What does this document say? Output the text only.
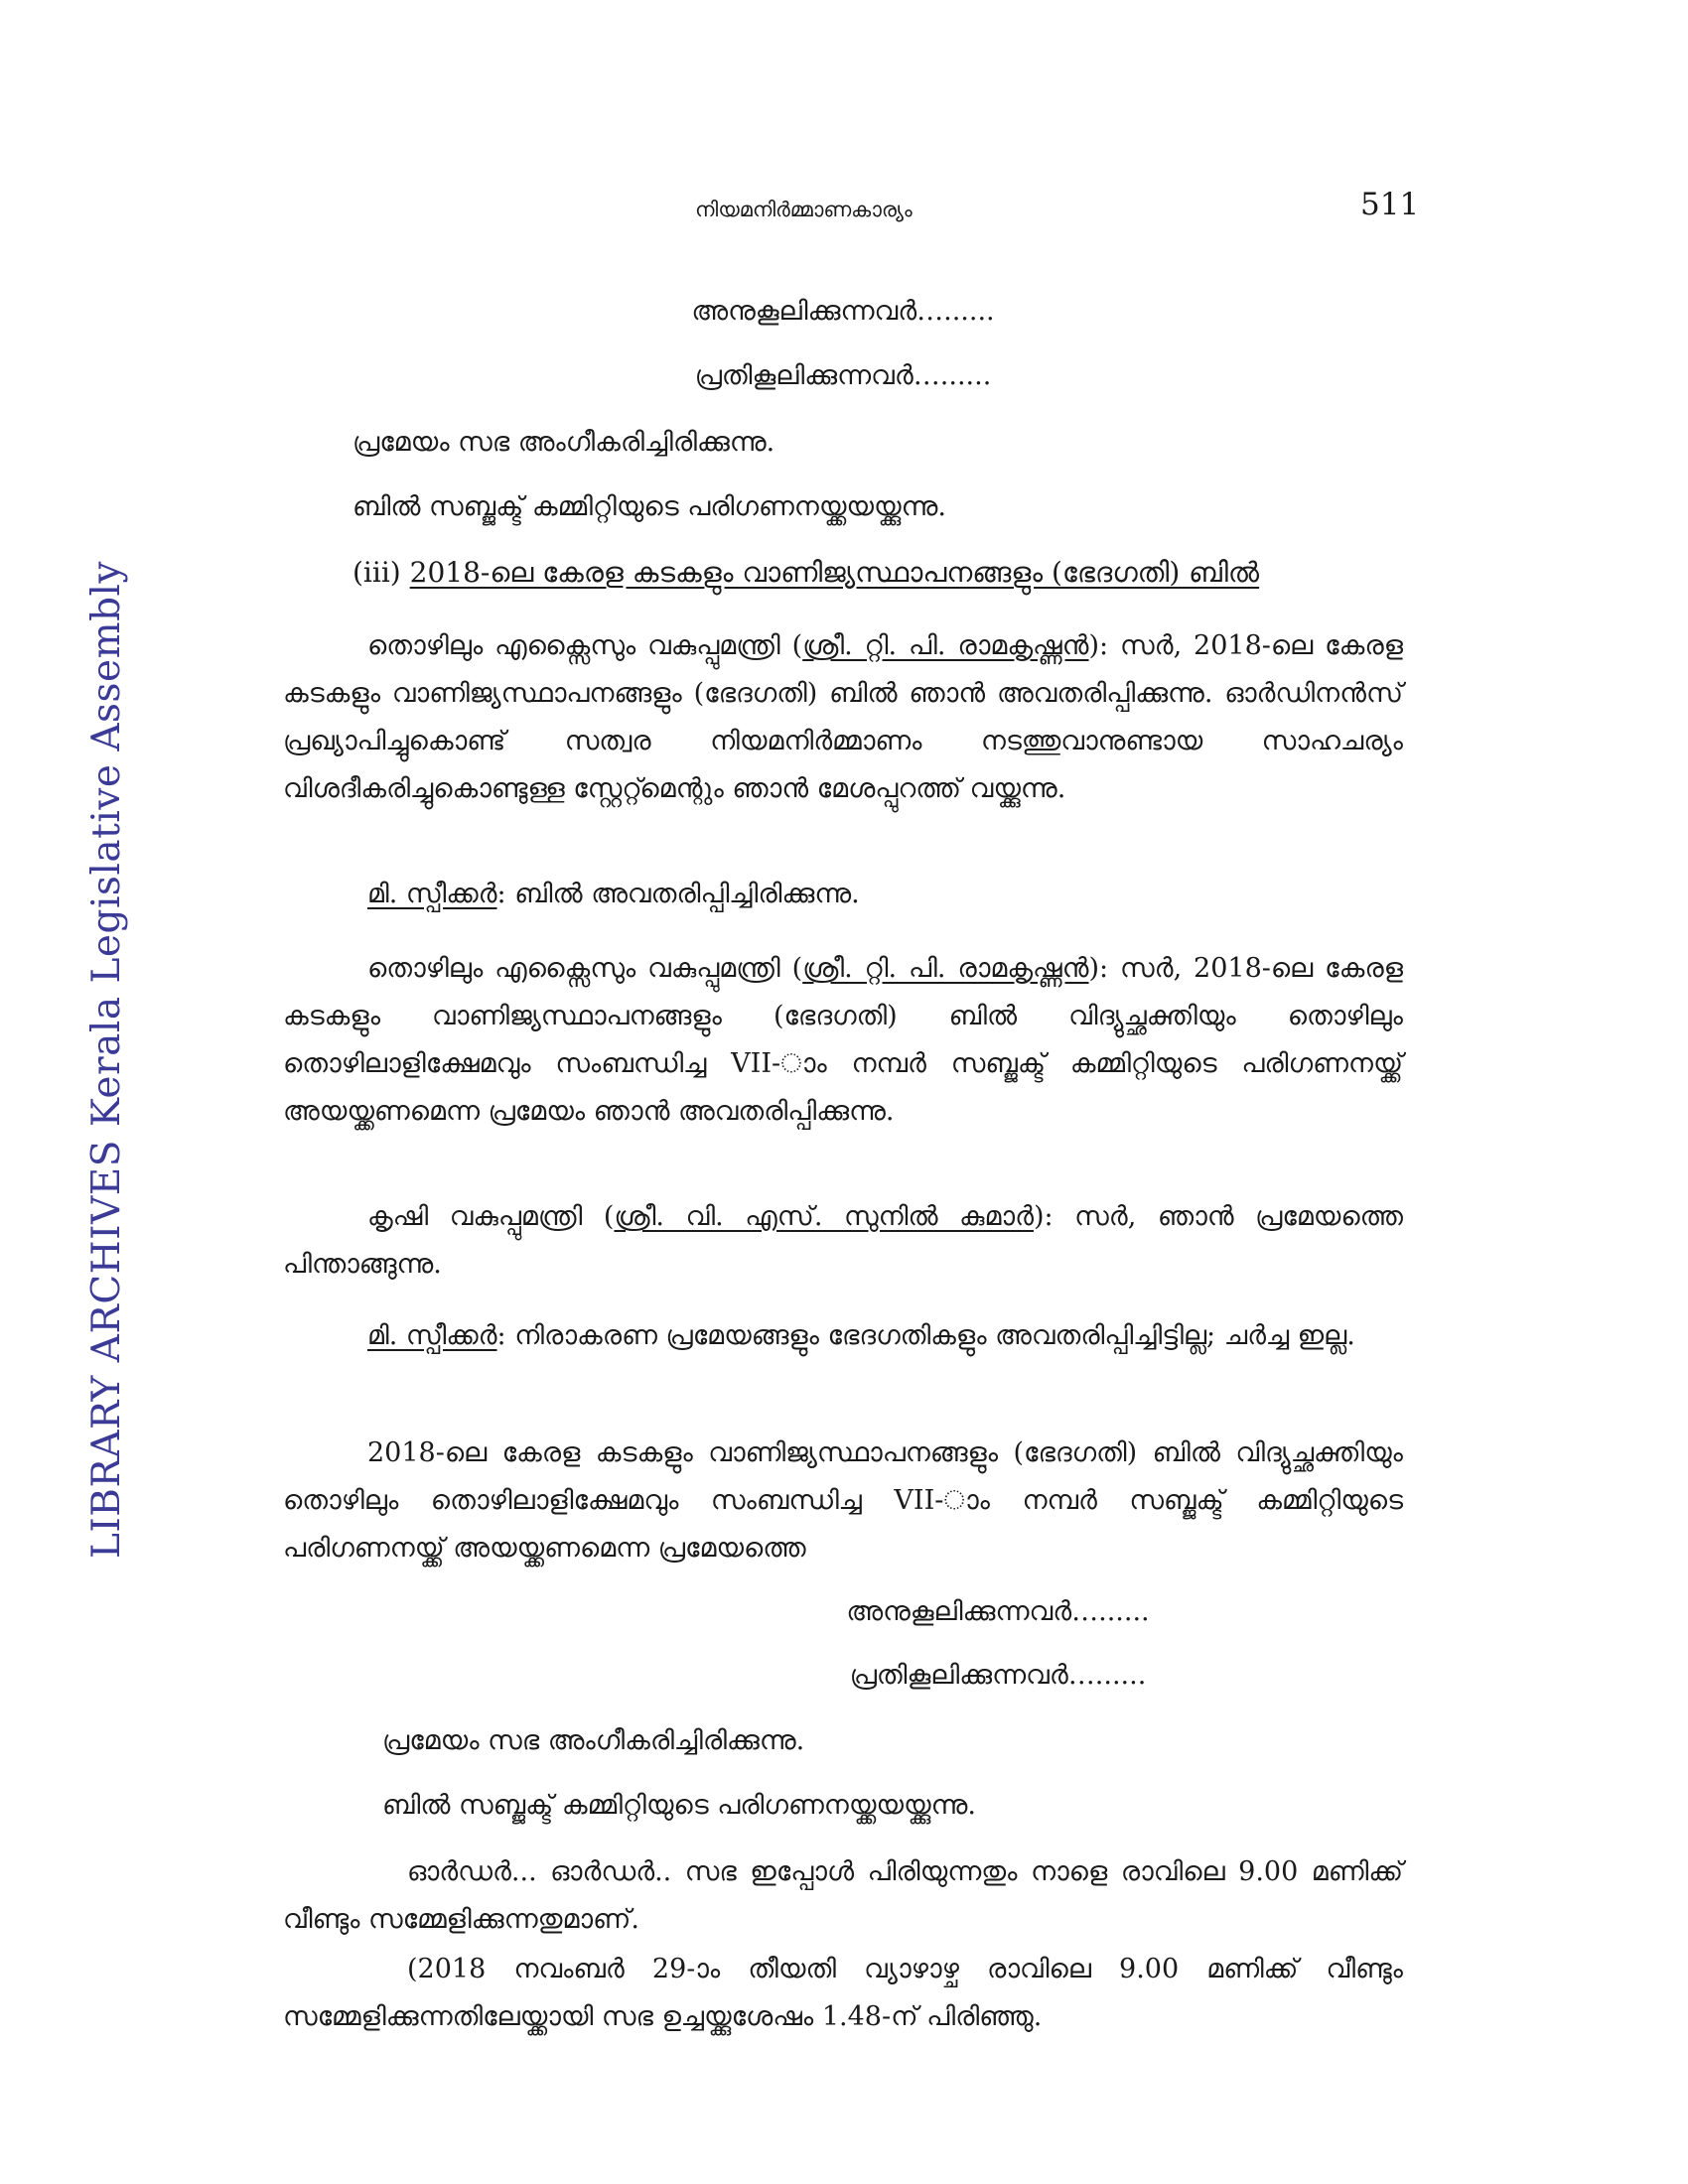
LIBRARY ARCHIVES Kerala Legislative Assembly
നിയമനിർമ്മാണകാര്യം	511
അനുകൂലിക്കുന്നവർ…......
പ്രതികൂലിക്കുന്നവർ…......
പ്രമേയം സഭ അംഗീകരിച്ചിരിക്കുന്നു.
ബിൽ സബ്ജക്ട് കമ്മിറ്റിയുടെ പരിഗണനയ്ക്കയയ്ക്കുന്നു.
(iii) 2018-ലെ കേരള കടകളും വാണിജ്യസ്ഥാപനങ്ങളും (ഭേദഗതി) ബിൽ
തൊഴിലും എക്സൈസും വകുപ്പുമന്ത്രി (ശ്രീ. റ്റി. പി. രാമകൃഷ്ണൻ): സർ, 2018-ലെ കേരള കടകളും വാണിജ്യസ്ഥാപനങ്ങളും (ഭേദഗതി) ബിൽ ഞാൻ അവതരിപ്പിക്കുന്നു. ഓർഡിനൻസ് പ്രഖ്യാപിച്ചുകൊണ്ട് സത്വര നിയമനിർമ്മാണം നടത്തുവാനുണ്ടായ സാഹചര്യം വിശദീകരിച്ചുകൊണ്ടുള്ള സ്റ്റേറ്റ്മെന്റും ഞാൻ മേശപ്പുറത്ത് വയ്ക്കുന്നു.
മി. സ്പീക്കർ: ബിൽ അവതരിപ്പിച്ചിരിക്കുന്നു.
തൊഴിലും എക്സൈസും വകുപ്പുമന്ത്രി (ശ്രീ. റ്റി. പി. രാമകൃഷ്ണൻ): സർ, 2018-ലെ കേരള കടകളും വാണിജ്യസ്ഥാപനങ്ങളും (ഭേദഗതി) ബിൽ വിദ്യുച്ഛക്തിയും തൊഴിലും തൊഴിലാളിക്ഷേമവും സംബന്ധിച്ച VII-ാം നമ്പർ സബ്ജക്ട് കമ്മിറ്റിയുടെ പരിഗണനയ്ക്ക് അയയ്ക്കണമെന്ന പ്രമേയം ഞാൻ അവതരിപ്പിക്കുന്നു.
കൃഷി വകുപ്പുമന്ത്രി (ശ്രീ. വി. എസ്. സുനിൽ കുമാർ): സർ, ഞാൻ പ്രമേയത്തെ പിന്താങ്ങുന്നു.
മി. സ്പീക്കർ: നിരാകരണ പ്രമേയങ്ങളും ഭേദഗതികളും അവതരിപ്പിച്ചിട്ടില്ല; ചർച്ച ഇല്ല.
2018-ലെ കേരള കടകളും വാണിജ്യസ്ഥാപനങ്ങളും (ഭേദഗതി) ബിൽ വിദ്യുച്ഛക്തിയും തൊഴിലും തൊഴിലാളിക്ഷേമവും സംബന്ധിച്ച VII-ാം നമ്പർ സബ്ജക്ട് കമ്മിറ്റിയുടെ പരിഗണനയ്ക്ക് അയയ്ക്കണമെന്ന പ്രമേയത്തെ
അനുകൂലിക്കുന്നവർ…......
പ്രതികൂലിക്കുന്നവർ…......
പ്രമേയം സഭ അംഗീകരിച്ചിരിക്കുന്നു.
ബിൽ സബ്ജക്ട് കമ്മിറ്റിയുടെ പരിഗണനയ്ക്കയയ്ക്കുന്നു.
ഓർഡർ... ഓർഡർ.. സഭ ഇപ്പോൾ പിരിയുന്നതും നാളെ രാവിലെ 9.00 മണിക്ക് വീണ്ടും സമ്മേളിക്കുന്നതുമാണ്.
(2018 നവംബർ 29-ാം തീയതി വ്യാഴാഴ്ച രാവിലെ 9.00 മണിക്ക് വീണ്ടും സമ്മേളിക്കുന്നതിലേയ്ക്കായി സഭ ഉച്ചയ്ക്കുശേഷം 1.48-ന് പിരിഞ്ഞു.
